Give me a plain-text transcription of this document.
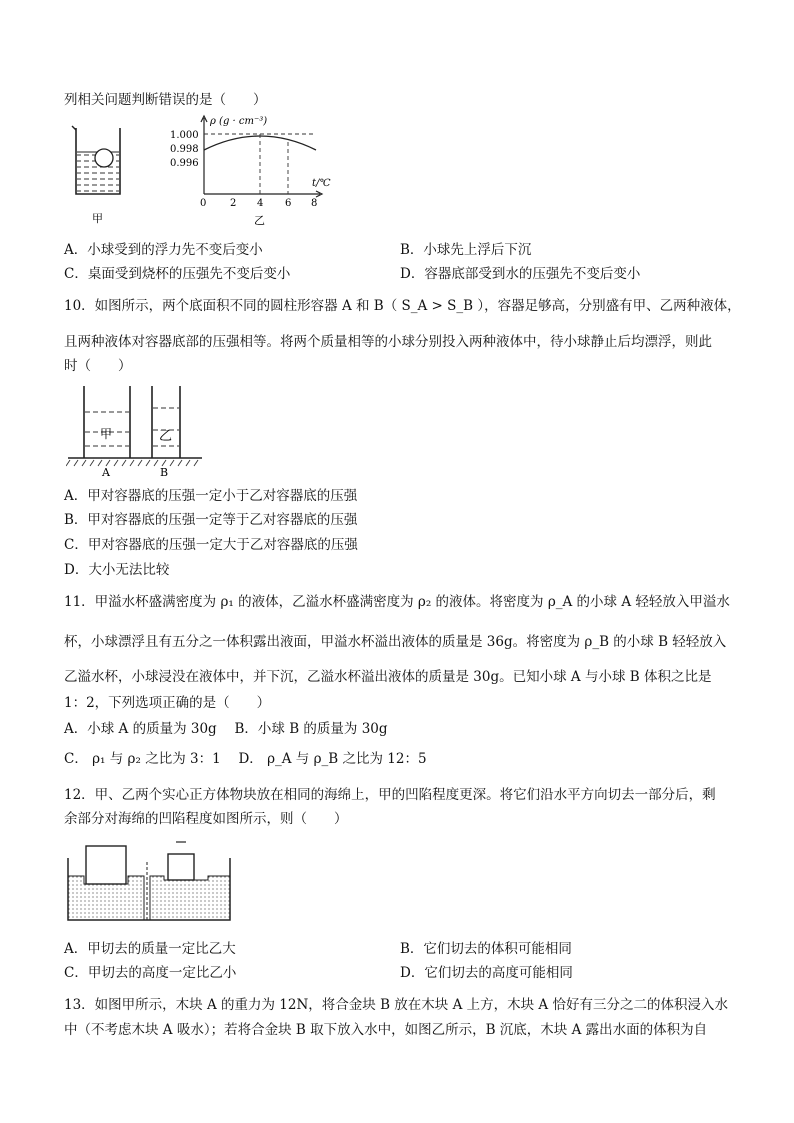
列相关问题判断错误的是（　　）
甲
ρ (g · cm⁻³)
t/℃
1.000
0.998
0.996
0 2 4 6 8
乙
A．小球受到的浮力先不变后变小	B．小球先上浮后下沉
C．桌面受到烧杯的压强先不变后变小	D．容器底部受到水的压强先不变后变小
10．如图所示，两个底面积不同的圆柱形容器 A 和 B（ S_A > S_B ），容器足够高，分别盛有甲、乙两种液体，
且两种液体对容器底部的压强相等。将两个质量相等的小球分别投入两种液体中，待小球静止后均漂浮，则此
时（　　）
甲	乙
A	B
A．甲对容器底的压强一定小于乙对容器底的压强
B．甲对容器底的压强一定等于乙对容器底的压强
C．甲对容器底的压强一定大于乙对容器底的压强
D．大小无法比较
11．甲溢水杯盛满密度为 ρ₁ 的液体，乙溢水杯盛满密度为 ρ₂ 的液体。将密度为 ρ_A 的小球 A 轻轻放入甲溢水
杯，小球漂浮且有五分之一体积露出液面，甲溢水杯溢出液体的质量是 36g。将密度为 ρ_B 的小球 B 轻轻放入
乙溢水杯，小球浸没在液体中，并下沉，乙溢水杯溢出液体的质量是 30g。已知小球 A 与小球 B 体积之比是
1：2，下列选项正确的是（　　）
A．小球 A 的质量为 30g　 B．小球 B 的质量为 30g
C． ρ₁ 与 ρ₂ 之比为 3：1　 D． ρ_A 与 ρ_B 之比为 12：5
12．甲、乙两个实心正方体物块放在相同的海绵上，甲的凹陷程度更深。将它们沿水平方向切去一部分后，剩
余部分对海绵的凹陷程度如图所示，则（　　）
A．甲切去的质量一定比乙大	B．它们切去的体积可能相同
C．甲切去的高度一定比乙小	D．它们切去的高度可能相同
13．如图甲所示，木块 A 的重力为 12N，将合金块 B 放在木块 A 上方，木块 A 恰好有三分之二的体积浸入水
中（不考虑木块 A 吸水）；若将合金块 B 取下放入水中，如图乙所示，B 沉底，木块 A 露出水面的体积为自
